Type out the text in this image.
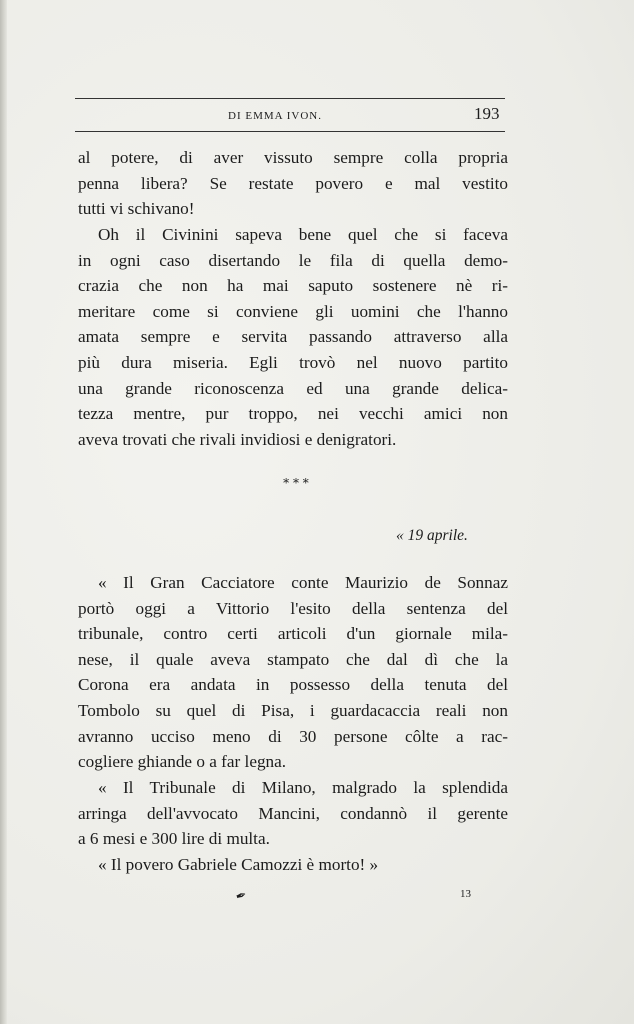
DI EMMA IVON.	193
al potere, di aver vissuto sempre colla propria
penna libera? Se restate povero e mal vestito
tutti vi schivano!
Oh il Civinini sapeva bene quel che si faceva
in ogni caso disertando le fila di quella demo-
crazia che non ha mai saputo sostenere nè ri-
meritare come si conviene gli uomini che l'hanno
amata sempre e servita passando attraverso alla
più dura miseria. Egli trovò nel nuovo partito
una grande riconoscenza ed una grande delica-
tezza mentre, pur troppo, nei vecchi amici non
aveva trovati che rivali invidiosi e denigratori.
* * *
« 19 aprile.
« Il Gran Cacciatore conte Maurizio de Sonnaz
portò oggi a Vittorio l'esito della sentenza del
tribunale, contro certi articoli d'un giornale mila-
nese, il quale aveva stampato che dal dì che la
Corona era andata in possesso della tenuta del
Tombolo su quel di Pisa, i guardacaccia reali non
avranno ucciso meno di 30 persone côlte a rac-
cogliere ghiande o a far legna.
« Il Tribunale di Milano, malgrado la splendida
arringa dell'avvocato Mancini, condannò il gerente
a 6 mesi e 300 lire di multa.
« Il povero Gabriele Camozzi è morto! »
✒	13
